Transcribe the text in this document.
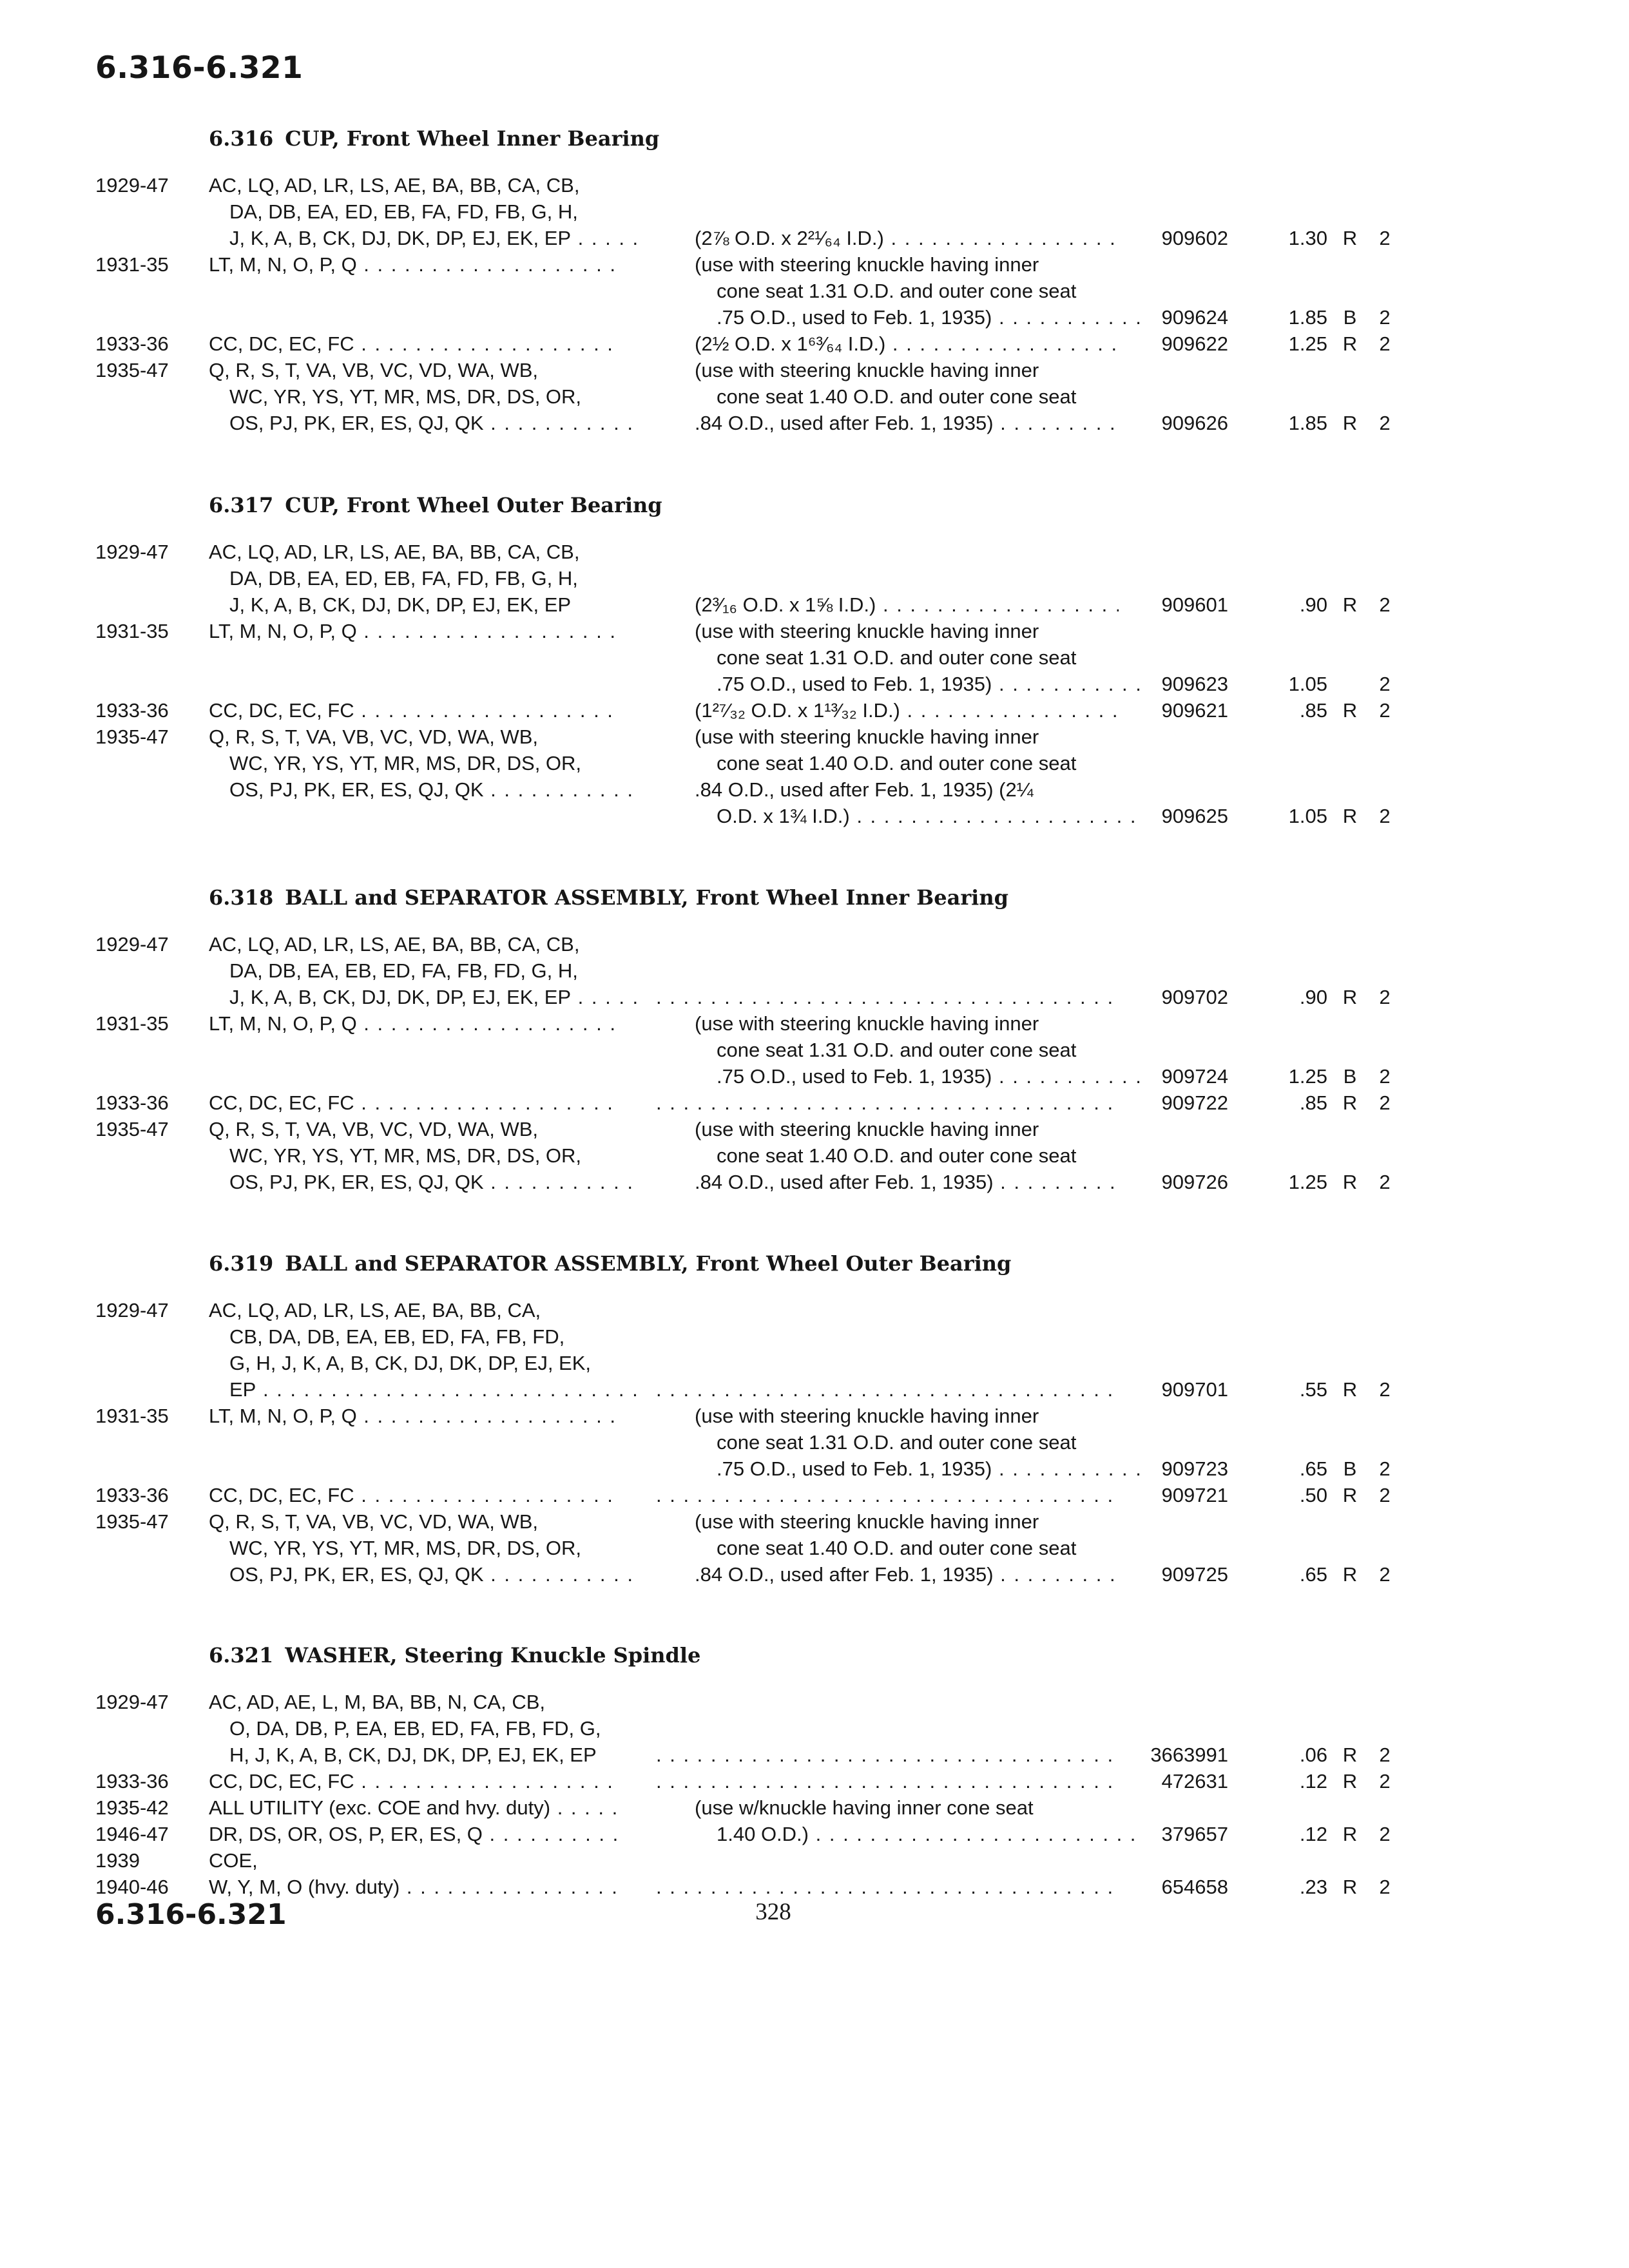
6.316-6.321
6.316 CUP, Front Wheel Inner Bearing
1929-47	AC, LQ, AD, LR, LS, AE, BA, BB, CA, CB,
DA, DB, EA, ED, EB, FA, FD, FB, G, H,
J, K, A, B, CK, DJ, DK, DP, EJ, EK, EP . . .	(2⅞ O.D. x 2²¹⁄₆₄ I.D.) . . .	909602	1.30 R 2
1931-35	LT, M, N, O, P, Q . . .	(use with steering knuckle having inner
cone seat 1.31 O.D. and outer cone seat
.75 O.D., used to Feb. 1, 1935) . . .	909624	1.85 B 2
1933-36	CC, DC, EC, FC . . .	(2½ O.D. x 1⁶³⁄₆₄ I.D.) . . .	909622	1.25 R 2
1935-47	Q, R, S, T, VA, VB, VC, VD, WA, WB,	(use with steering knuckle having inner
WC, YR, YS, YT, MR, MS, DR, DS, OR,	cone seat 1.40 O.D. and outer cone seat
OS, PJ, PK, ER, ES, QJ, QK . . .	.84 O.D., used after Feb. 1, 1935) . . .	909626	1.85 R 2
6.317 CUP, Front Wheel Outer Bearing
1929-47	AC, LQ, AD, LR, LS, AE, BA, BB, CA, CB,
DA, DB, EA, ED, EB, FA, FD, FB, G, H,
J, K, A, B, CK, DJ, DK, DP, EJ, EK, EP	(2³⁄₁₆ O.D. x 1⅝ I.D.) . . .	909601	.90 R 2
1931-35	LT, M, N, O, P, Q . . .	(use with steering knuckle having inner
cone seat 1.31 O.D. and outer cone seat
.75 O.D., used to Feb. 1, 1935) . . .	909623	1.05	2
1933-36	CC, DC, EC, FC . . .	(1²⁷⁄₃₂ O.D. x 1¹³⁄₃₂ I.D.) . . .	909621	.85 R 2
1935-47	Q, R, S, T, VA, VB, VC, VD, WA, WB,	(use with steering knuckle having inner
WC, YR, YS, YT, MR, MS, DR, DS, OR,	cone seat 1.40 O.D. and outer cone seat
OS, PJ, PK, ER, ES, QJ, QK . . .	.84 O.D., used after Feb. 1, 1935) (2¼
O.D. x 1¾ I.D.) . . .	909625	1.05 R 2
6.318 BALL and SEPARATOR ASSEMBLY, Front Wheel Inner Bearing
1929-47	AC, LQ, AD, LR, LS, AE, BA, BB, CA, CB,
DA, DB, EA, EB, ED, FA, FB, FD, G, H,
J, K, A, B, CK, DJ, DK, DP, EJ, EK, EP . . . . . .	909702	.90 R 2
1931-35	LT, M, N, O, P, Q . . .	(use with steering knuckle having inner
cone seat 1.31 O.D. and outer cone seat
.75 O.D., used to Feb. 1, 1935) . . .	909724	1.25 B 2
1933-36	CC, DC, EC, FC . . . . . .	909722	.85 R 2
1935-47	Q, R, S, T, VA, VB, VC, VD, WA, WB,	(use with steering knuckle having inner
WC, YR, YS, YT, MR, MS, DR, DS, OR,	cone seat 1.40 O.D. and outer cone seat
OS, PJ, PK, ER, ES, QJ, QK . . .	.84 O.D., used after Feb. 1, 1935) . . .	909726	1.25 R 2
6.319 BALL and SEPARATOR ASSEMBLY, Front Wheel Outer Bearing
1929-47	AC, LQ, AD, LR, LS, AE, BA, BB, CA,
CB, DA, DB, EA, EB, ED, FA, FB, FD,
G, H, J, K, A, B, CK, DJ, DK, DP, EJ, EK,
EP . . . . . .	909701	.55 R 2
1931-35	LT, M, N, O, P, Q . . .	(use with steering knuckle having inner
cone seat 1.31 O.D. and outer cone seat
.75 O.D., used to Feb. 1, 1935) . . .	909723	.65 B 2
1933-36	CC, DC, EC, FC . . . . . .	909721	.50 R 2
1935-47	Q, R, S, T, VA, VB, VC, VD, WA, WB,	(use with steering knuckle having inner
WC, YR, YS, YT, MR, MS, DR, DS, OR,	cone seat 1.40 O.D. and outer cone seat
OS, PJ, PK, ER, ES, QJ, QK . . .	.84 O.D., used after Feb. 1, 1935) . . .	909725	.65 R 2
6.321 WASHER, Steering Knuckle Spindle
1929-47	AC, AD, AE, L, M, BA, BB, N, CA, CB,
O, DA, DB, P, EA, EB, ED, FA, FB, FD, G,
H, J, K, A, B, CK, DJ, DK, DP, EJ, EK, EP . . .	3663991	.06 R 2
1933-36	CC, DC, EC, FC . . . . . .	472631	.12 R 2
1935-42	ALL UTILITY (exc. COE and hvy. duty) . . .	(use w/knuckle having inner cone seat
1946-47	DR, DS, OR, OS, P, ER, ES, Q . . .	1.40 O.D.) . . .	379657	.12 R 2
1939	COE,
1940-46	W, Y, M, O (hvy. duty) . . . . . .	654658	.23 R 2
6.316-6.321	328
